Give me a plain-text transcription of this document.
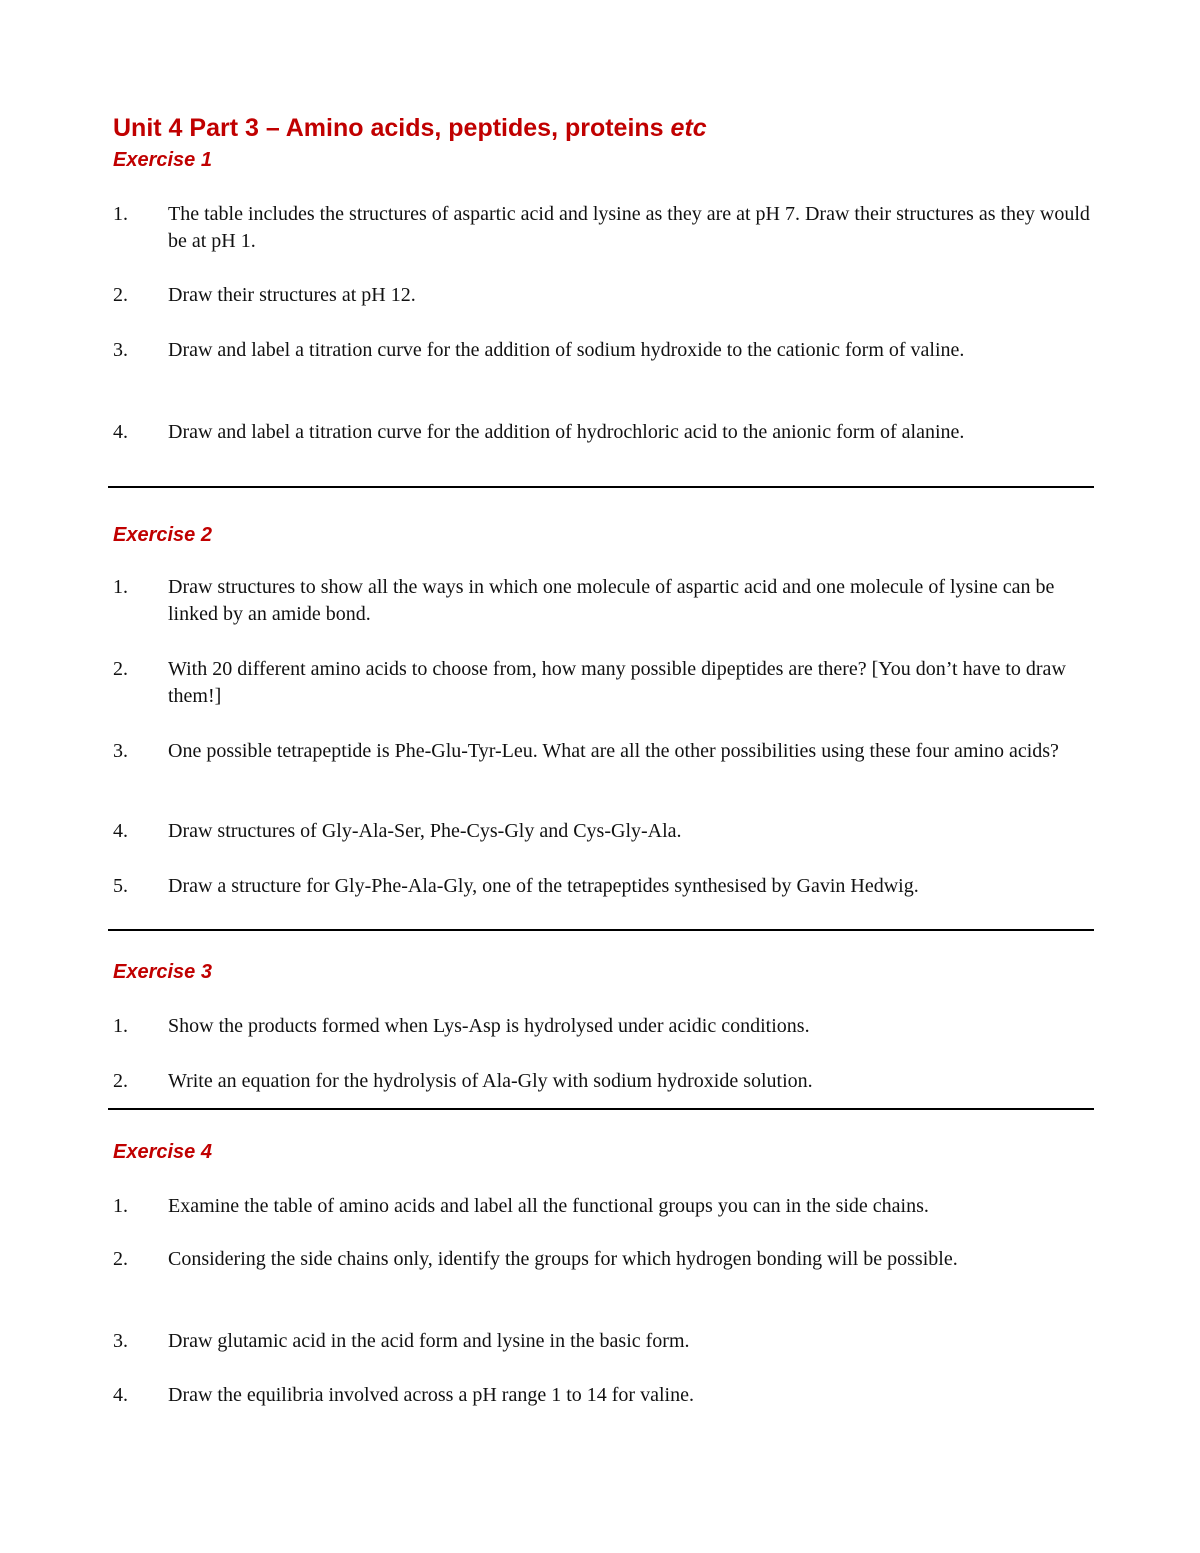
Unit 4 Part 3 – Amino acids, peptides, proteins etc
Exercise 1
1. The table includes the structures of aspartic acid and lysine as they are at pH 7. Draw their structures as they would be at pH 1.
2. Draw their structures at pH 12.
3. Draw and label a titration curve for the addition of sodium hydroxide to the cationic form of valine.
4. Draw and label a titration curve for the addition of hydrochloric acid to the anionic form of alanine.
Exercise 2
1. Draw structures to show all the ways in which one molecule of aspartic acid and one molecule of lysine can be linked by an amide bond.
2. With 20 different amino acids to choose from, how many possible dipeptides are there? [You don’t have to draw them!]
3. One possible tetrapeptide is Phe-Glu-Tyr-Leu. What are all the other possibilities using these four amino acids?
4. Draw structures of Gly-Ala-Ser, Phe-Cys-Gly and Cys-Gly-Ala.
5. Draw a structure for Gly-Phe-Ala-Gly, one of the tetrapeptides synthesised by Gavin Hedwig.
Exercise 3
1. Show the products formed when Lys-Asp is hydrolysed under acidic conditions.
2. Write an equation for the hydrolysis of Ala-Gly with sodium hydroxide solution.
Exercise 4
1. Examine the table of amino acids and label all the functional groups you can in the side chains.
2. Considering the side chains only, identify the groups for which hydrogen bonding will be possible.
3. Draw glutamic acid in the acid form and lysine in the basic form.
4. Draw the equilibria involved across a pH range 1 to 14 for valine.
